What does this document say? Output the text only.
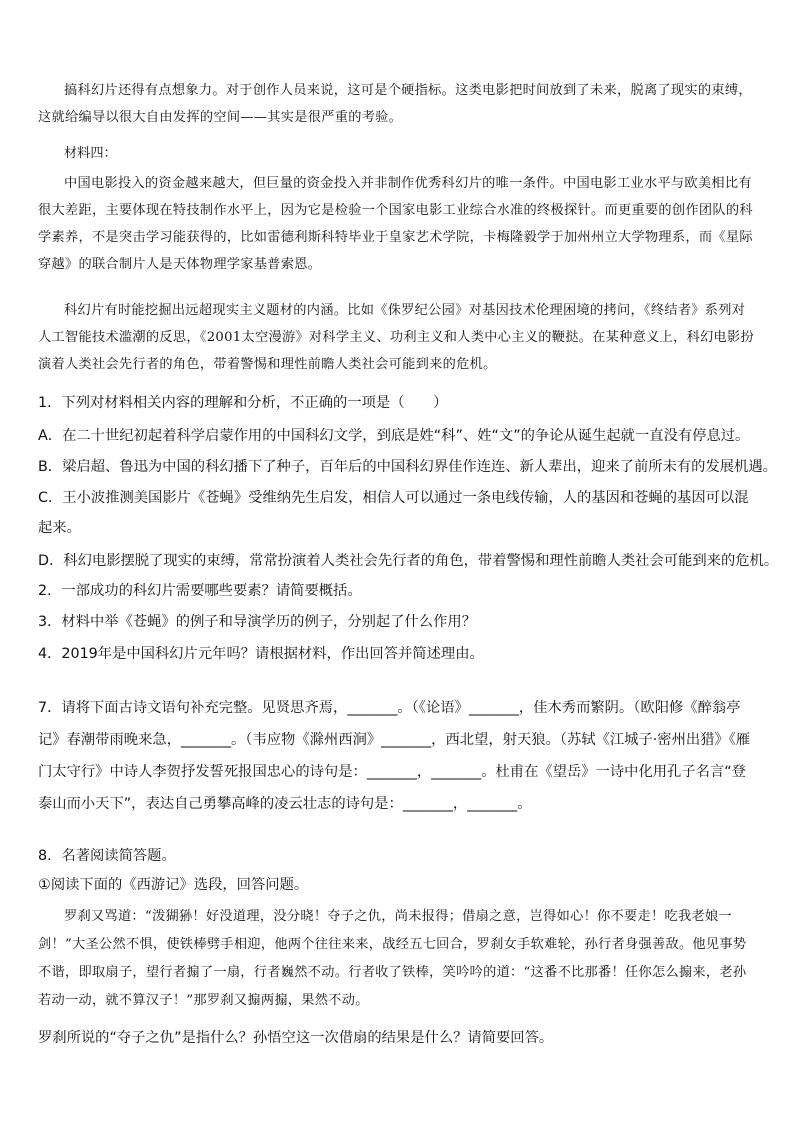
搞科幻片还得有点想象力。对于创作人员来说，这可是个硬指标。这类电影把时间放到了未来，脱离了现实的束缚，这就给编导以很大自由发挥的空间——其实是很严重的考验。
材料四：
中国电影投入的资金越来越大，但巨量的资金投入并非制作优秀科幻片的唯一条件。中国电影工业水平与欧美相比有很大差距，主要体现在特技制作水平上，因为它是检验一个国家电影工业综合水准的终极探针。而更重要的创作团队的科学素养，不是突击学习能获得的，比如雷德利斯科特毕业于皇家艺术学院，卡梅隆毅学于加州州立大学物理系，而《星际穿越》的联合制片人是天体物理学家基普索恩。
科幻片有时能挖掘出远超现实主义题材的内涵。比如《侏罗纪公园》对基因技术伦理困境的拷问，《终结者》系列对人工智能技术滥潮的反思，《2001太空漫游》对科学主义、功利主义和人类中心主义的鞭挞。在某种意义上，科幻电影扮演着人类社会先行者的角色，带着警惕和理性前瞻人类社会可能到来的危机。
1．下列对材料相关内容的理解和分析，不正确的一项是（　　）
A．在二十世纪初起着科学启蒙作用的中国科幻文学，到底是姓“科”、姓“文”的争论从诞生起就一直没有停息过。
B．梁启超、鲁迅为中国的科幻播下了种子，百年后的中国科幻界佳作连连、新人辈出，迎来了前所未有的发展机遇。
C．王小波推测美国影片《苍蝇》受维纳先生启发，相信人可以通过一条电线传输，人的基因和苍蝇的基因可以混起来。
D．科幻电影摆脱了现实的束缚，常常扮演着人类社会先行者的角色，带着警惕和理性前瞻人类社会可能到来的危机。
2．一部成功的科幻片需要哪些要素？请简要概括。
3．材料中举《苍蝇》的例子和导演学历的例子，分别起了什么作用？
4．2019年是中国科幻片元年吗？请根据材料，作出回答并简述理由。
7．请将下面古诗文语句补充完整。见贤思齐焉，_______。（《论语》_______，佳木秀而繁阴。（欧阳修《醉翁亭记》春潮带雨晚来急，_______。（韦应物《滁州西涧》_______，西北望，射天狼。（苏轼《江城子·密州出猎》《雁门太守行》中诗人李贺抒发誓死报国忠心的诗句是：_______，_______。杜甫在《望岳》一诗中化用孔子名言“登泰山而小天下”，表达自己勇攀高峰的凌云壮志的诗句是：_______，_______。
8．名著阅读简答题。
①阅读下面的《西游记》选段，回答问题。
罗刹又骂道：“泼猢狲！好没道理，没分晓！夺子之仇，尚未报得；借扇之意，岂得如心！你不要走！吃我老娘一剑！”大圣公然不惧，使铁棒劈手相迎，他两个往往来来，战经五七回合，罗刹女手软难轮，孙行者身强善敌。他见事势不谐，即取扇子，望行者搧了一扇，行者巍然不动。行者收了铁棒，笑吟吟的道：“这番不比那番！任你怎么搧来，老孙若动一动，就不算汉子！”那罗刹又搧两搧，果然不动。
罗刹所说的“夺子之仇”是指什么？孙悟空这一次借扇的结果是什么？请简要回答。
